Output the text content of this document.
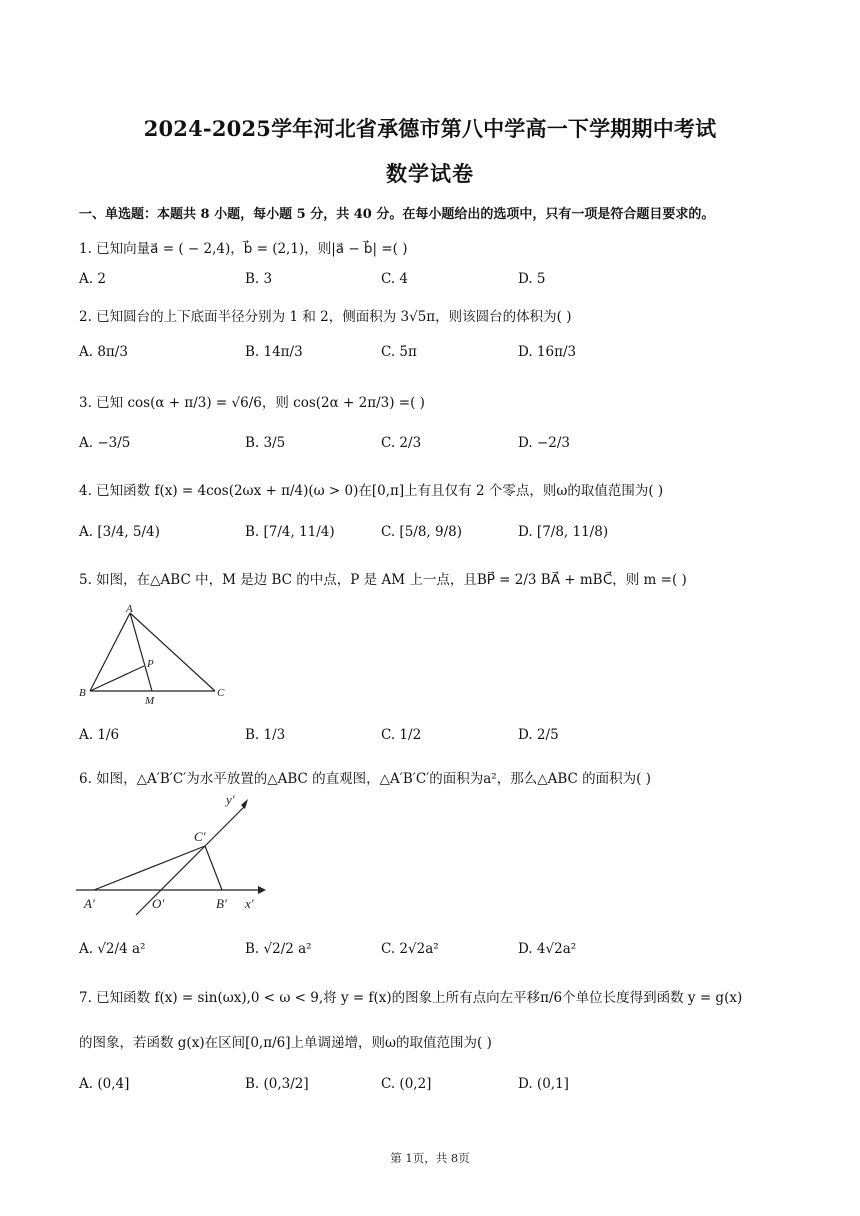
2024-2025学年河北省承德市第八中学高一下学期期中考试
数学试卷
一、单选题：本题共 8 小题，每小题 5 分，共 40 分。在每小题给出的选项中，只有一项是符合题目要求的。
1. 已知向量a⃗ = ( − 2,4)，b⃗ = (2,1)，则|a⃗ − b⃗| =( )
A. 2	B. 3	C. 4	D. 5
2. 已知圆台的上下底面半径分别为 1 和 2，侧面积为 3√5π，则该圆台的体积为( )
A. 8π/3	B. 14π/3	C. 5π	D. 16π/3
3. 已知 cos(α + π/3) = √6/6，则 cos(2α + 2π/3) =( )
A. −3/5	B. 3/5	C. 2/3	D. −2/3
4. 已知函数 f(x) = 4cos(2ωx + π/4)(ω > 0)在[0,π]上有且仅有 2 个零点，则ω的取值范围为( )
A. [3/4, 5/4)	B. [7/4, 11/4)	C. [5/8, 9/8)	D. [7/8, 11/8)
5. 如图，在△ABC 中，M 是边 BC 的中点，P 是 AM 上一点，且BP⃗ = 2/3 BA⃗ + mBC⃗，则 m =( )
A
B	C
M
P
A. 1/6	B. 1/3	C. 1/2	D. 2/5
6. 如图，△A′B′C′为水平放置的△ABC 的直观图，△A′B′C′的面积为a²，那么△ABC 的面积为( )
y′
C′
A′	O′	B′ x′
A. √2/4 a²	B. √2/2 a²	C. 2√2a²	D. 4√2a²
7. 已知函数 f(x) = sin(ωx),0 < ω < 9,将 y = f(x)的图象上所有点向左平移π/6个单位长度得到函数 y = g(x)
的图象，若函数 g(x)在区间[0,π/6]上单调递增，则ω的取值范围为( )
A. (0,4]	B. (0,3/2]	C. (0,2]	D. (0,1]
第 1页，共 8页
